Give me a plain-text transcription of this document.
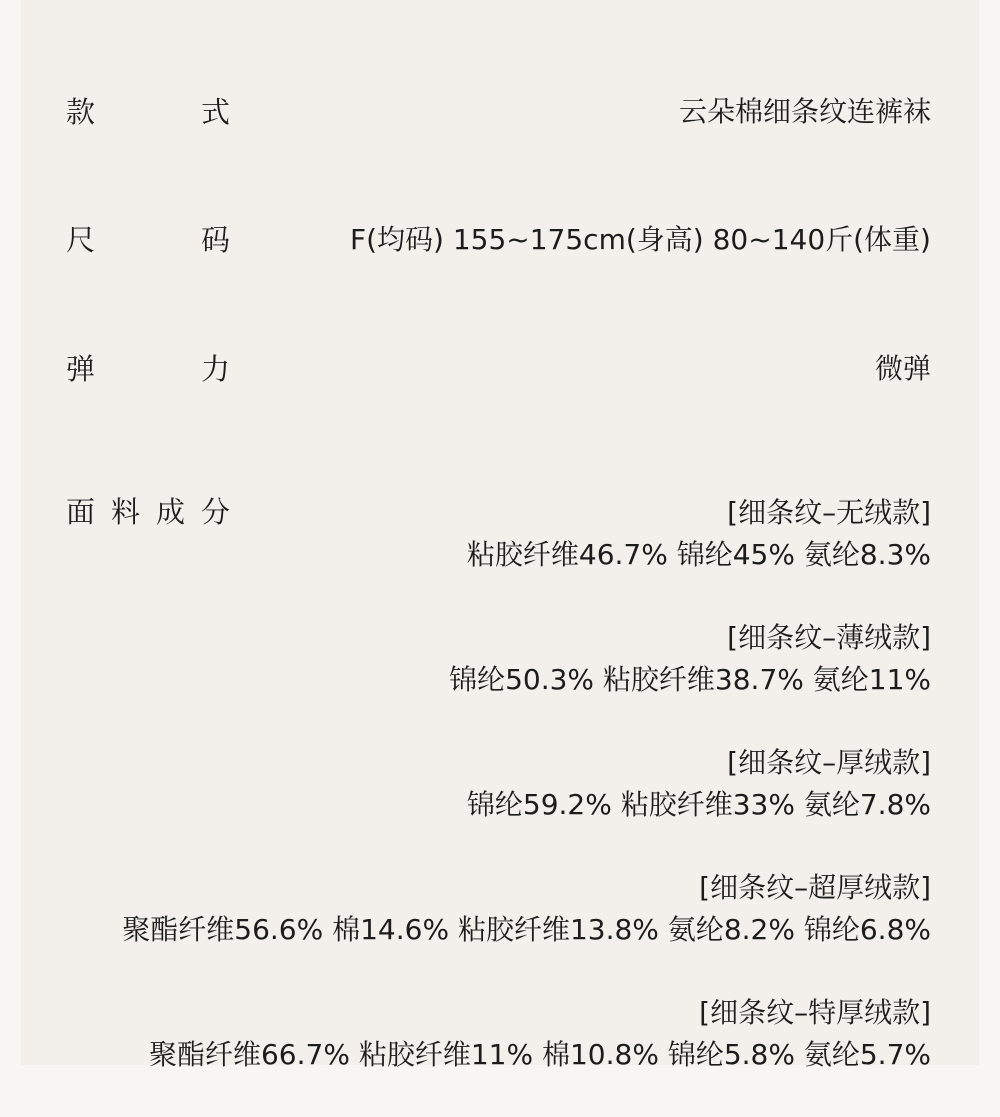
款	式	云朵棉细条纹连裤袜
尺	码	F(均码) 155~175cm(身高) 80~140斤(体重)
弹	力	微弹
面 料 成 分	[细条纹–无绒款]
粘胶纤维46.7% 锦纶45% 氨纶8.3%
[细条纹–薄绒款]
锦纶50.3% 粘胶纤维38.7% 氨纶11%
[细条纹–厚绒款]
锦纶59.2% 粘胶纤维33% 氨纶7.8%
[细条纹–超厚绒款]
聚酯纤维56.6% 棉14.6% 粘胶纤维13.8% 氨纶8.2% 锦纶6.8%
[细条纹–特厚绒款]
聚酯纤维66.7% 粘胶纤维11% 棉10.8% 锦纶5.8% 氨纶5.7%
